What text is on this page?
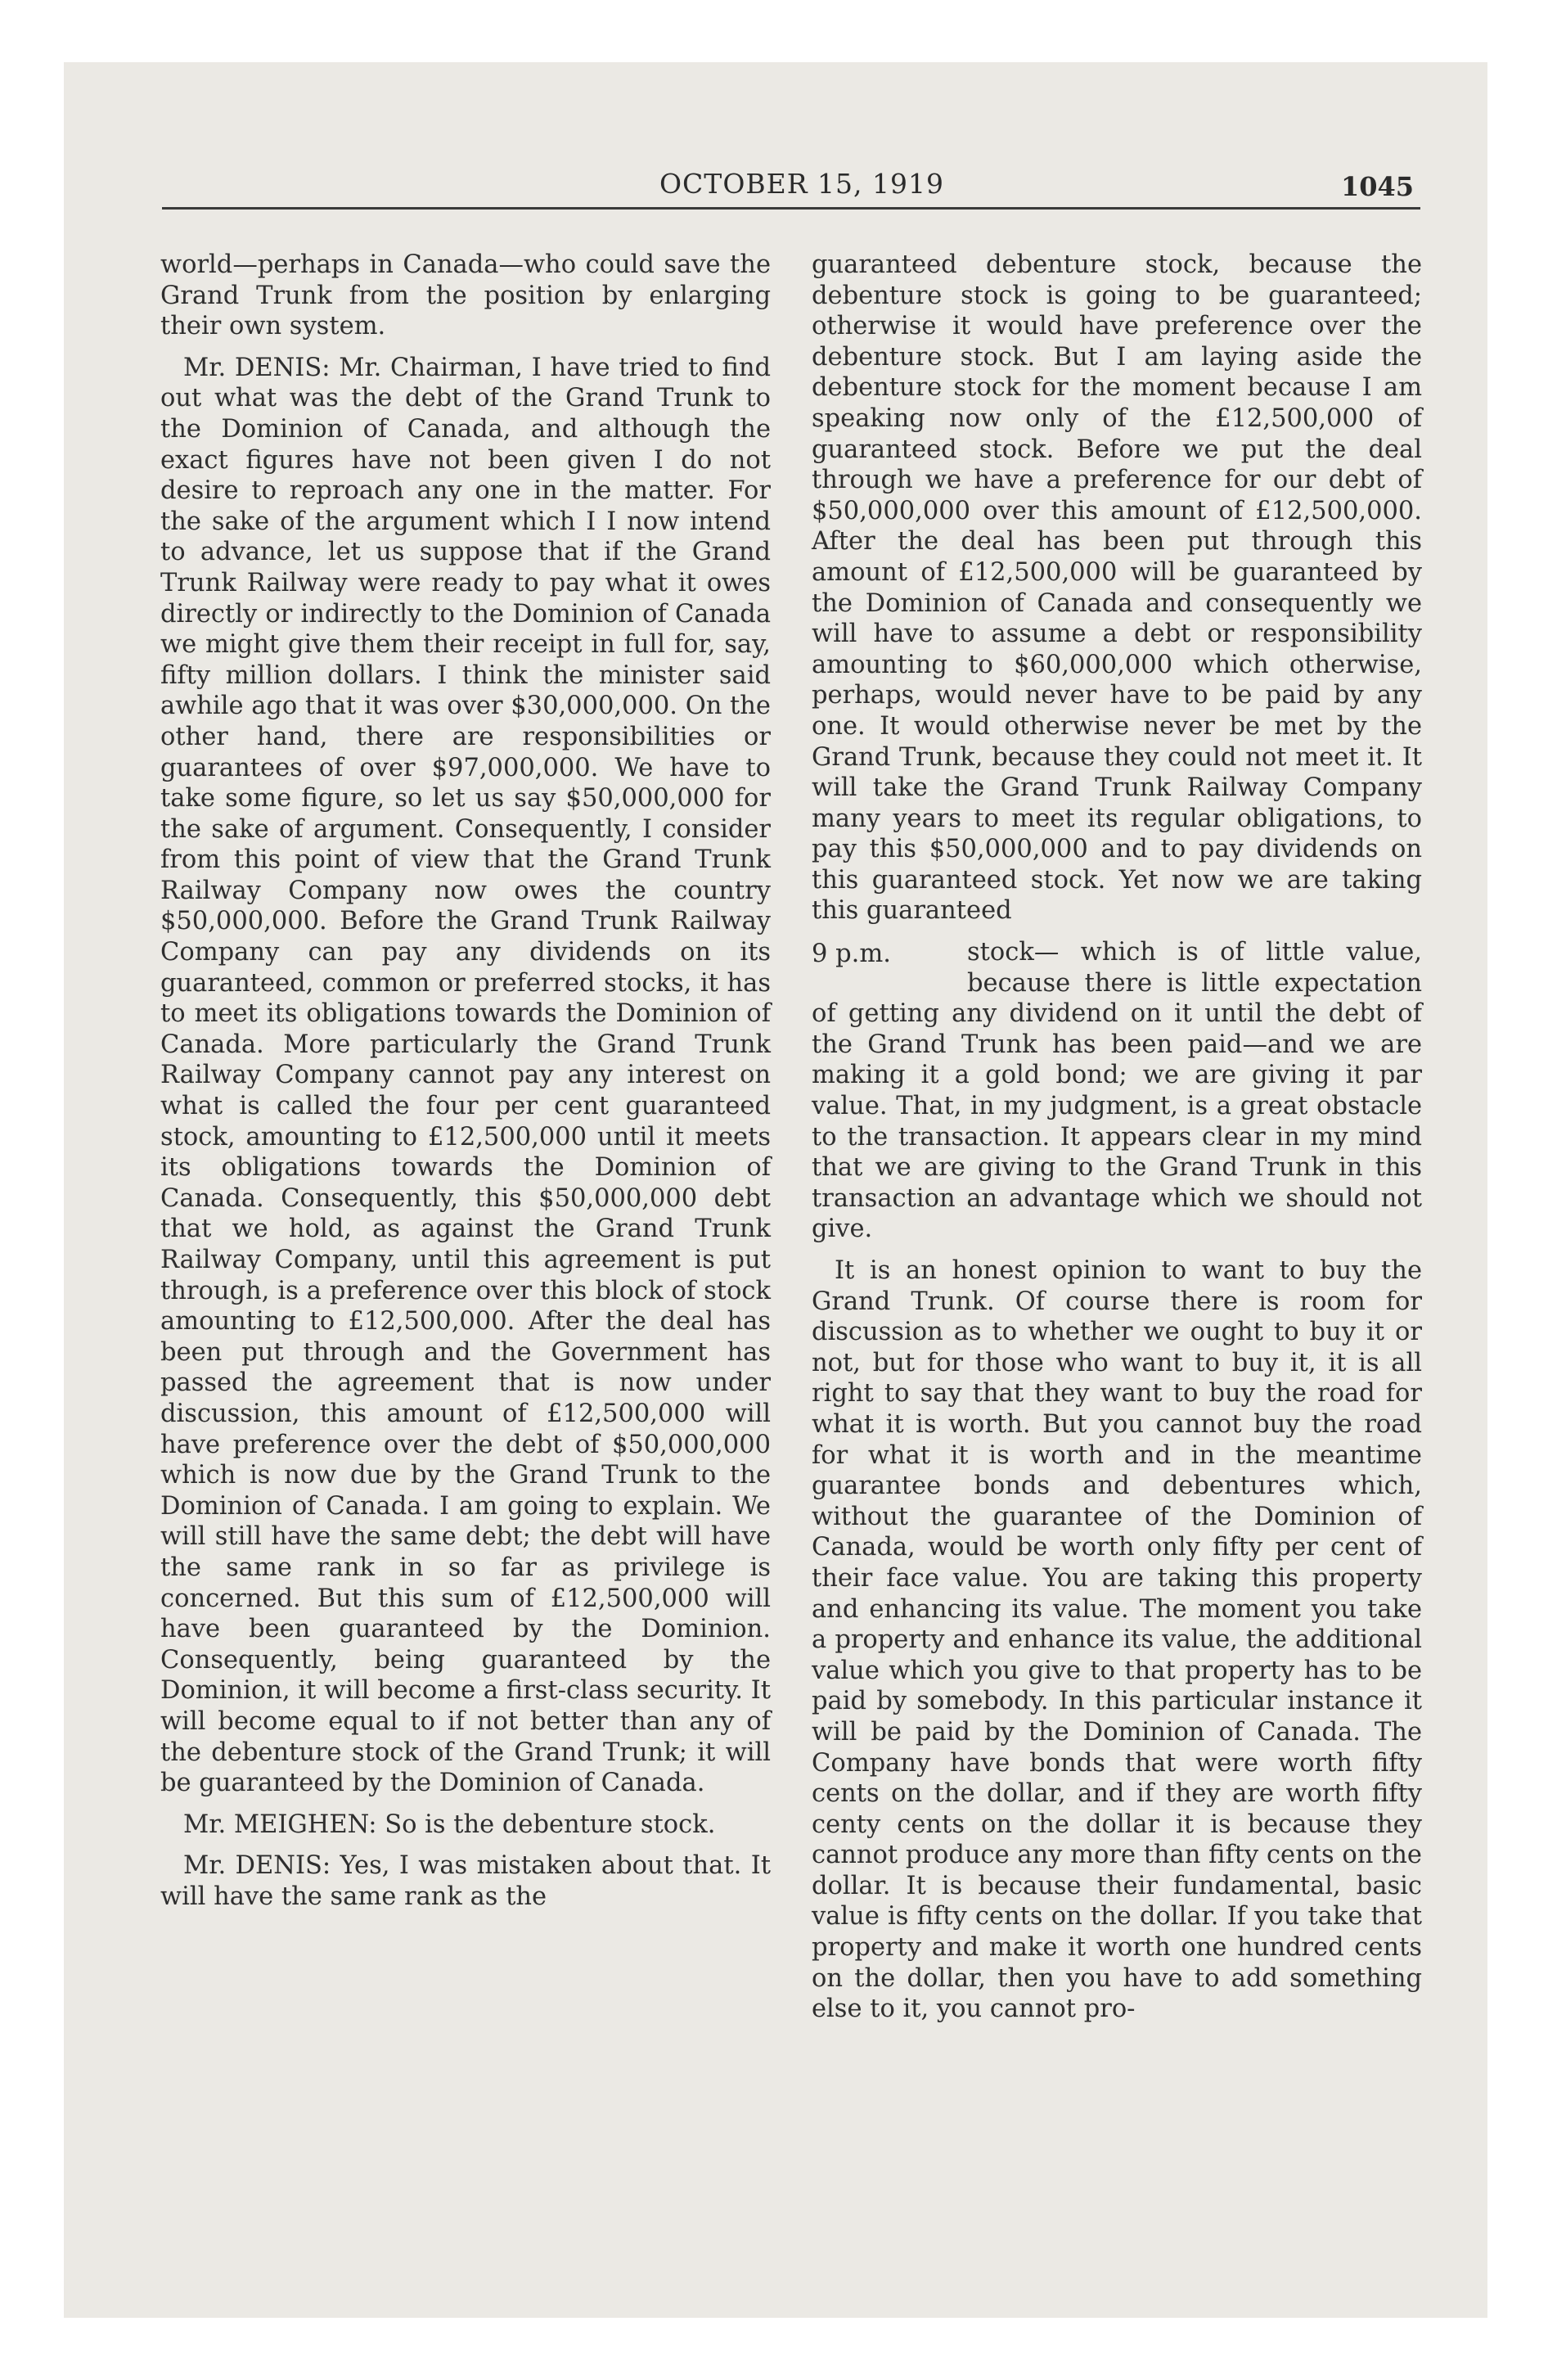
OCTOBER 15, 1919	1045

world—perhaps in Canada—who could save the Grand Trunk from the position by enlarging their own system.

Mr. DENIS: Mr. Chairman, I have tried to find out what was the debt of the Grand Trunk to the Dominion of Canada, and although the exact figures have not been given I do not desire to reproach any one in the matter. For the sake of the argument which I I now intend to advance, let us suppose that if the Grand Trunk Railway were ready to pay what it owes directly or indirectly to the Dominion of Canada we might give them their receipt in full for, say, fifty million dollars. I think the minister said awhile ago that it was over $30,000,000. On the other hand, there are responsibilities or guarantees of over $97,000,000. We have to take some figure, so let us say $50,000,000 for the sake of argument. Consequently, I consider from this point of view that the Grand Trunk Railway Company now owes the country $50,000,000. Before the Grand Trunk Railway Company can pay any dividends on its guaranteed, common or preferred stocks, it has to meet its obligations towards the Dominion of Canada. More particularly the Grand Trunk Railway Company cannot pay any interest on what is called the four per cent guaranteed stock, amounting to £12,500,000 until it meets its obligations towards the Dominion of Canada. Consequently, this $50,000,000 debt that we hold, as against the Grand Trunk Railway Company, until this agreement is put through, is a preference over this block of stock amounting to £12,500,000. After the deal has been put through and the Government has passed the agreement that is now under discussion, this amount of £12,500,000 will have preference over the debt of $50,000,000 which is now due by the Grand Trunk to the Dominion of Canada. I am going to explain. We will still have the same debt; the debt will have the same rank in so far as privilege is concerned. But this sum of £12,500,000 will have been guaranteed by the Dominion. Consequently, being guaranteed by the Dominion, it will become a first-class security. It will become equal to if not better than any of the debenture stock of the Grand Trunk; it will be guaranteed by the Dominion of Canada.

Mr. MEIGHEN: So is the debenture stock.

Mr. DENIS: Yes, I was mistaken about that. It will have the same rank as the

guaranteed debenture stock, because the debenture stock is going to be guaranteed; otherwise it would have preference over the debenture stock. But I am laying aside the debenture stock for the moment because I am speaking now only of the £12,500,000 of guaranteed stock. Before we put the deal through we have a preference for our debt of $50,000,000 over this amount of £12,500,000. After the deal has been put through this amount of £12,500,000 will be guaranteed by the Dominion of Canada and consequently we will have to assume a debt or responsibility amounting to $60,000,000 which otherwise, perhaps, would never have to be paid by any one. It would otherwise never be met by the Grand Trunk, because they could not meet it. It will take the Grand Trunk Railway Company many years to meet its regular obligations, to pay this $50,000,000 and to pay dividends on this guaranteed stock. Yet now we are taking this guaranteed

9 p.m.	stock— which is of little value, because there is little expectation of getting any dividend on it until the debt of the Grand Trunk has been paid—and we are making it a gold bond; we are giving it par value. That, in my judgment, is a great obstacle to the transaction. It appears clear in my mind that we are giving to the Grand Trunk in this transaction an advantage which we should not give.

It is an honest opinion to want to buy the Grand Trunk. Of course there is room for discussion as to whether we ought to buy it or not, but for those who want to buy it, it is all right to say that they want to buy the road for what it is worth. But you cannot buy the road for what it is worth and in the meantime guarantee bonds and debentures which, without the guarantee of the Dominion of Canada, would be worth only fifty per cent of their face value. You are taking this property and enhancing its value. The moment you take a property and enhance its value, the additional value which you give to that property has to be paid by somebody. In this particular instance it will be paid by the Dominion of Canada. The Company have bonds that were worth fifty cents on the dollar, and if they are worth fifty centy cents on the dollar it is because they cannot produce any more than fifty cents on the dollar. It is because their fundamental, basic value is fifty cents on the dollar. If you take that property and make it worth one hundred cents on the dollar, then you have to add something else to it, you cannot pro-
